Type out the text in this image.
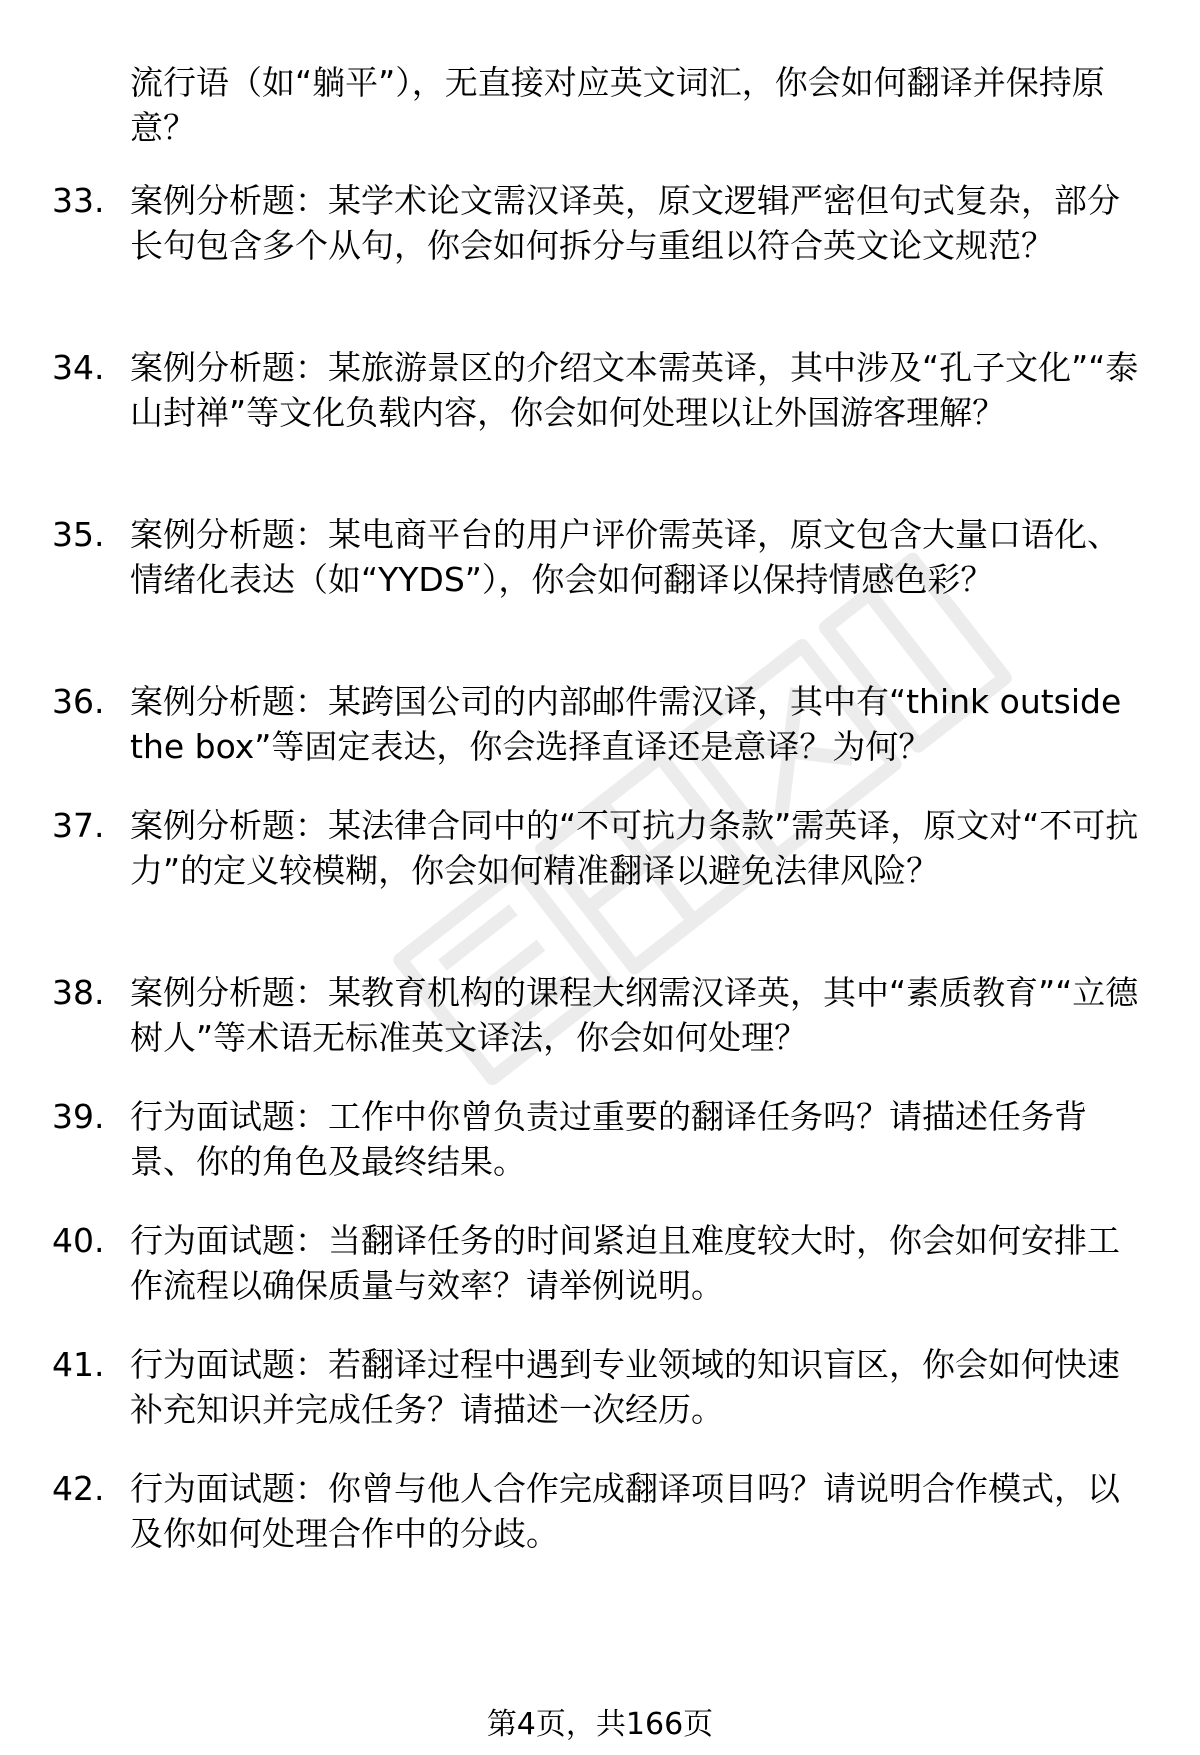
流行语（如“躺平”），无直接对应英文词汇，你会如何翻译并保持原意？

33. 案例分析题：某学术论文需汉译英，原文逻辑严密但句式复杂，部分长句包含多个从句，你会如何拆分与重组以符合英文论文规范？
34. 案例分析题：某旅游景区的介绍文本需英译，其中涉及“孔子文化”“泰山封禅”等文化负载内容，你会如何处理以让外国游客理解？
35. 案例分析题：某电商平台的用户评价需英译，原文包含大量口语化、情绪化表达（如“YYDS”），你会如何翻译以保持情感色彩？
36. 案例分析题：某跨国公司的内部邮件需汉译，其中有“think outside the box”等固定表达，你会选择直译还是意译？为何？
37. 案例分析题：某法律合同中的“不可抗力条款”需英译，原文对“不可抗力”的定义较模糊，你会如何精准翻译以避免法律风险？
38. 案例分析题：某教育机构的课程大纲需汉译英，其中“素质教育”“立德树人”等术语无标准英文译法，你会如何处理？
39. 行为面试题：工作中你曾负责过重要的翻译任务吗？请描述任务背景、你的角色及最终结果。
40. 行为面试题：当翻译任务的时间紧迫且难度较大时，你会如何安排工作流程以确保质量与效率？请举例说明。
41. 行为面试题：若翻译过程中遇到专业领域的知识盲区，你会如何快速补充知识并完成任务？请描述一次经历。
42. 行为面试题：你曾与他人合作完成翻译项目吗？请说明合作模式，以及你如何处理合作中的分歧。
第4页，共166页
